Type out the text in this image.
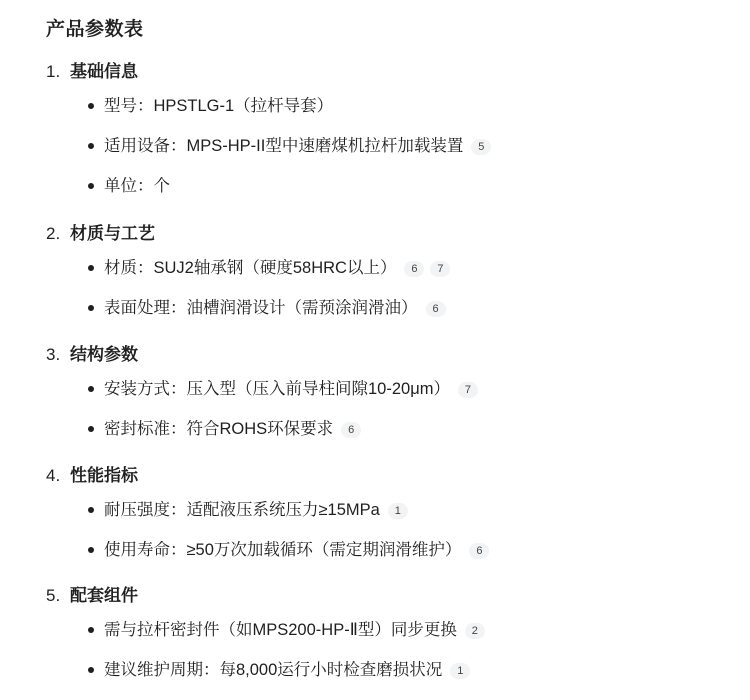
产品参数表
1. 基础信息
型号：HPSTLG-1（拉杆导套）
适用设备：MPS-HP-II型中速磨煤机拉杆加载装置 5
单位：个
2. 材质与工艺
材质：SUJ2轴承钢（硬度58HRC以上） 6 7
表面处理：油槽润滑设计（需预涂润滑油） 6
3. 结构参数
安装方式：压入型（压入前导柱间隙10-20μm） 7
密封标准：符合ROHS环保要求 6
4. 性能指标
耐压强度：适配液压系统压力≥15MPa 1
使用寿命：≥50万次加载循环（需定期润滑维护） 6
5. 配套组件
需与拉杆密封件（如MPS200-HP-Ⅱ型）同步更换 2
建议维护周期：每8,000运行小时检查磨损状况 1
